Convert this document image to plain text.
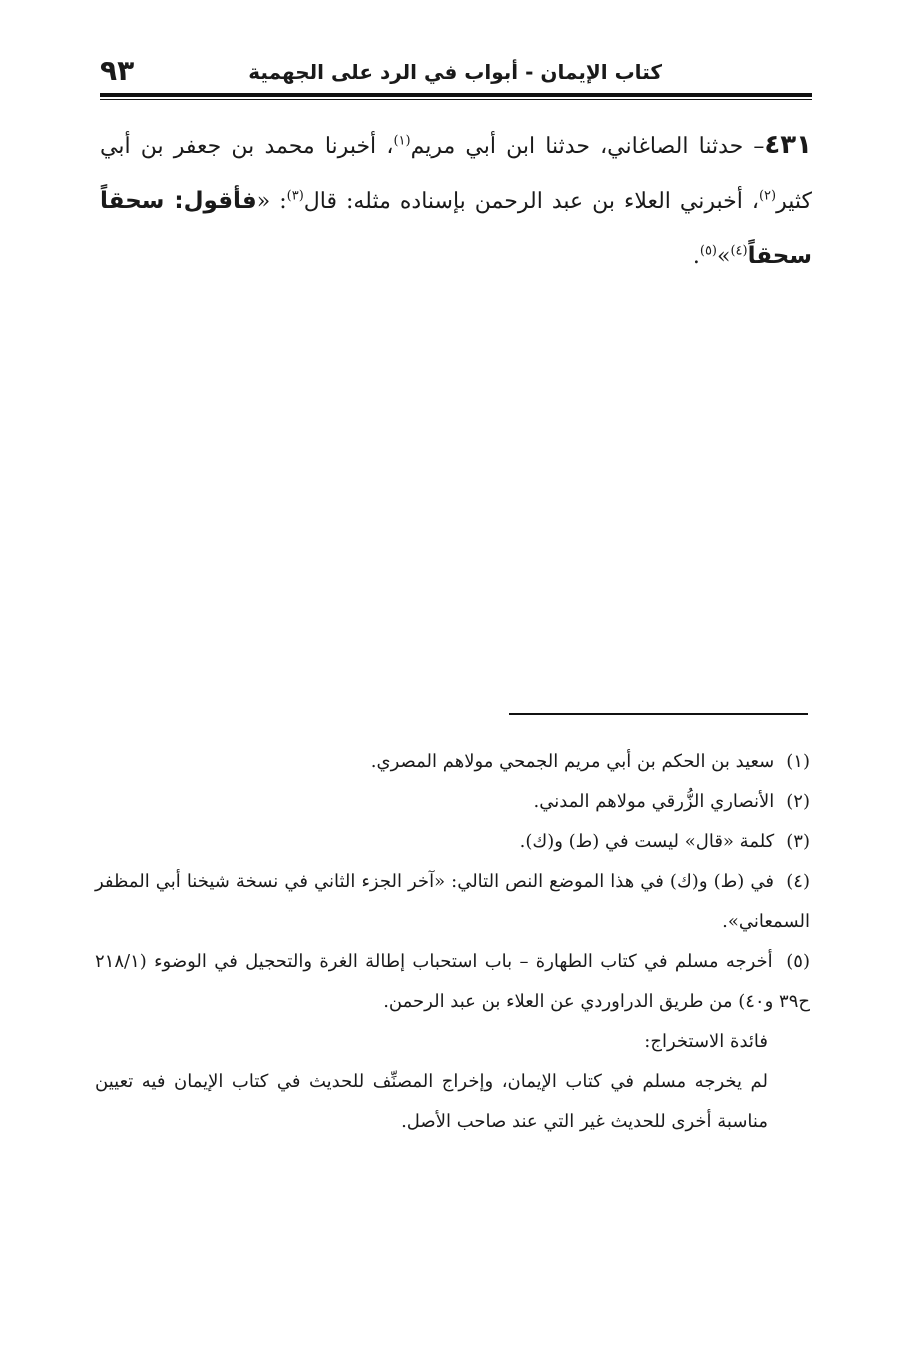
٩٣	كتاب الإيمان - أبواب في الرد على الجهمية

٤٣١– حدثنا الصاغاني، حدثنا ابن أبي مريم$^{(١)}$، أخبرنا محمد بن جعفر بن أبي كثير$^{(٢)}$، أخبرني العلاء بن عبد الرحمن بإسناده مثله: قال$^{(٣)}$: «فأقول: سحقاً سحقاً$^{(٤)}$»$^{(٥)}$.

(١) سعيد بن الحكم بن أبي مريم الجمحي مولاهم المصري.

(٢) الأنصاري الزُّرقي مولاهم المدني.

(٣) كلمة «قال» ليست في (ط) و(ك).

(٤) في (ط) و(ك) في هذا الموضع النص التالي: «آخر الجزء الثاني في نسخة شيخنا أبي المظفر السمعاني».

(٥) أخرجه مسلم في كتاب الطهارة – باب استحباب إطالة الغرة والتحجيل في الوضوء (٢١٨/١ ح٣٩ و٤٠) من طريق الدراوردي عن العلاء بن عبد الرحمن.

فائدة الاستخراج:

لم يخرجه مسلم في كتاب الإيمان، وإخراج المصنِّف للحديث في كتاب الإيمان فيه تعيين مناسبة أخرى للحديث غير التي عند صاحب الأصل.
